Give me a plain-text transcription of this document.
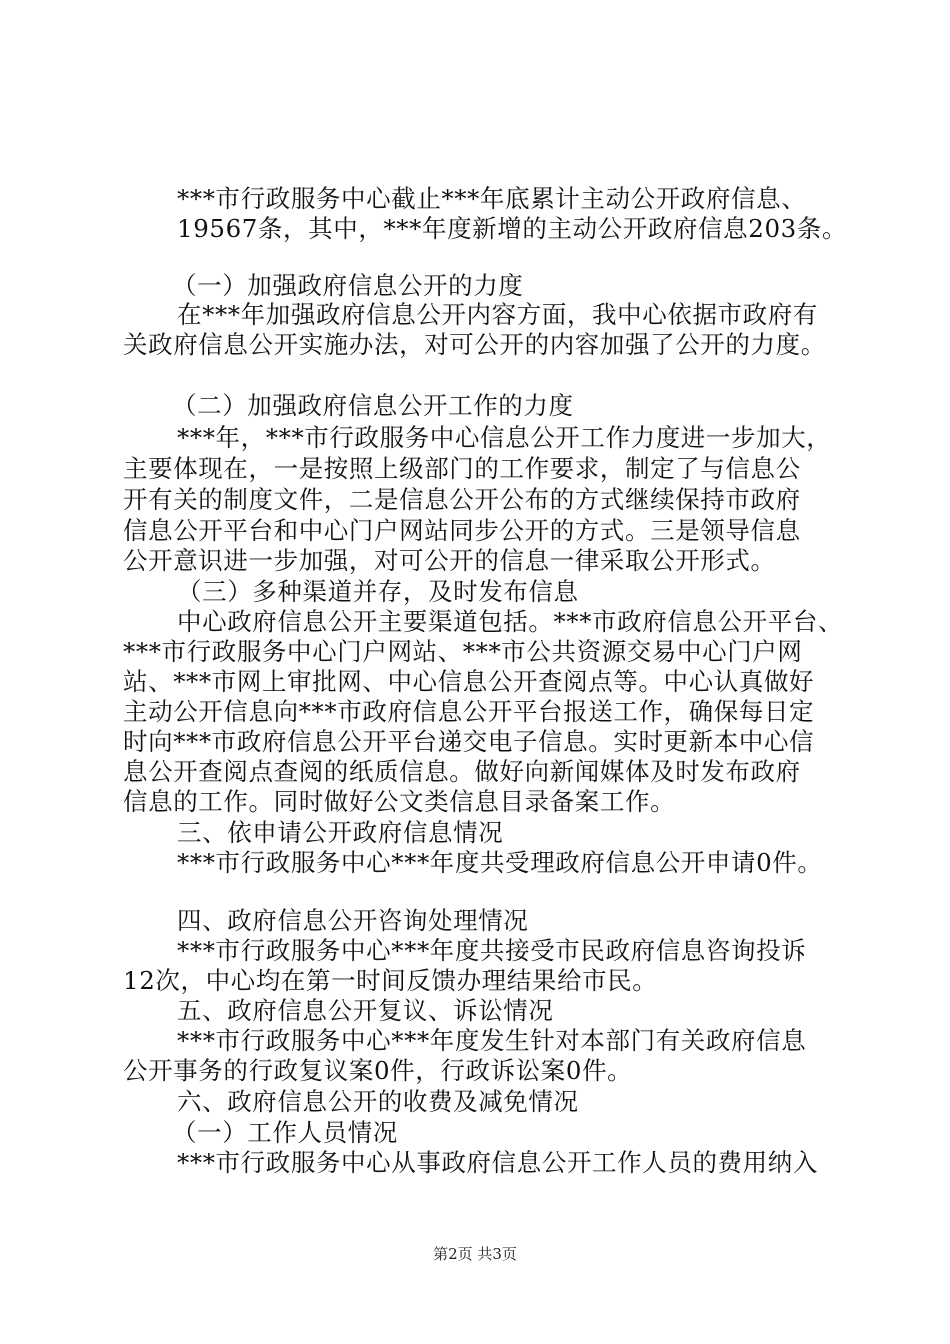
***市行政服务中心截止***年底累计主动公开政府信息、
19567条，其中，***年度新增的主动公开政府信息203条。
（一）加强政府信息公开的力度
在***年加强政府信息公开内容方面，我中心依据市政府有
关政府信息公开实施办法，对可公开的内容加强了公开的力度。
（二）加强政府信息公开工作的力度
***年，***市行政服务中心信息公开工作力度进一步加大，
主要体现在，一是按照上级部门的工作要求，制定了与信息公
开有关的制度文件，二是信息公开公布的方式继续保持市政府
信息公开平台和中心门户网站同步公开的方式。三是领导信息
公开意识进一步加强，对可公开的信息一律采取公开形式。
（三）多种渠道并存，及时发布信息
中心政府信息公开主要渠道包括。***市政府信息公开平台、
***市行政服务中心门户网站、***市公共资源交易中心门户网
站、***市网上审批网、中心信息公开查阅点等。中心认真做好
主动公开信息向***市政府信息公开平台报送工作，确保每日定
时向***市政府信息公开平台递交电子信息。实时更新本中心信
息公开查阅点查阅的纸质信息。做好向新闻媒体及时发布政府
信息的工作。同时做好公文类信息目录备案工作。
三、依申请公开政府信息情况
***市行政服务中心***年度共受理政府信息公开申请0件。
四、政府信息公开咨询处理情况
***市行政服务中心***年度共接受市民政府信息咨询投诉
12次，中心均在第一时间反馈办理结果给市民。
五、政府信息公开复议、诉讼情况
***市行政服务中心***年度发生针对本部门有关政府信息
公开事务的行政复议案0件，行政诉讼案0件。
六、政府信息公开的收费及减免情况
（一）工作人员情况
***市行政服务中心从事政府信息公开工作人员的费用纳入
第2页 共3页
